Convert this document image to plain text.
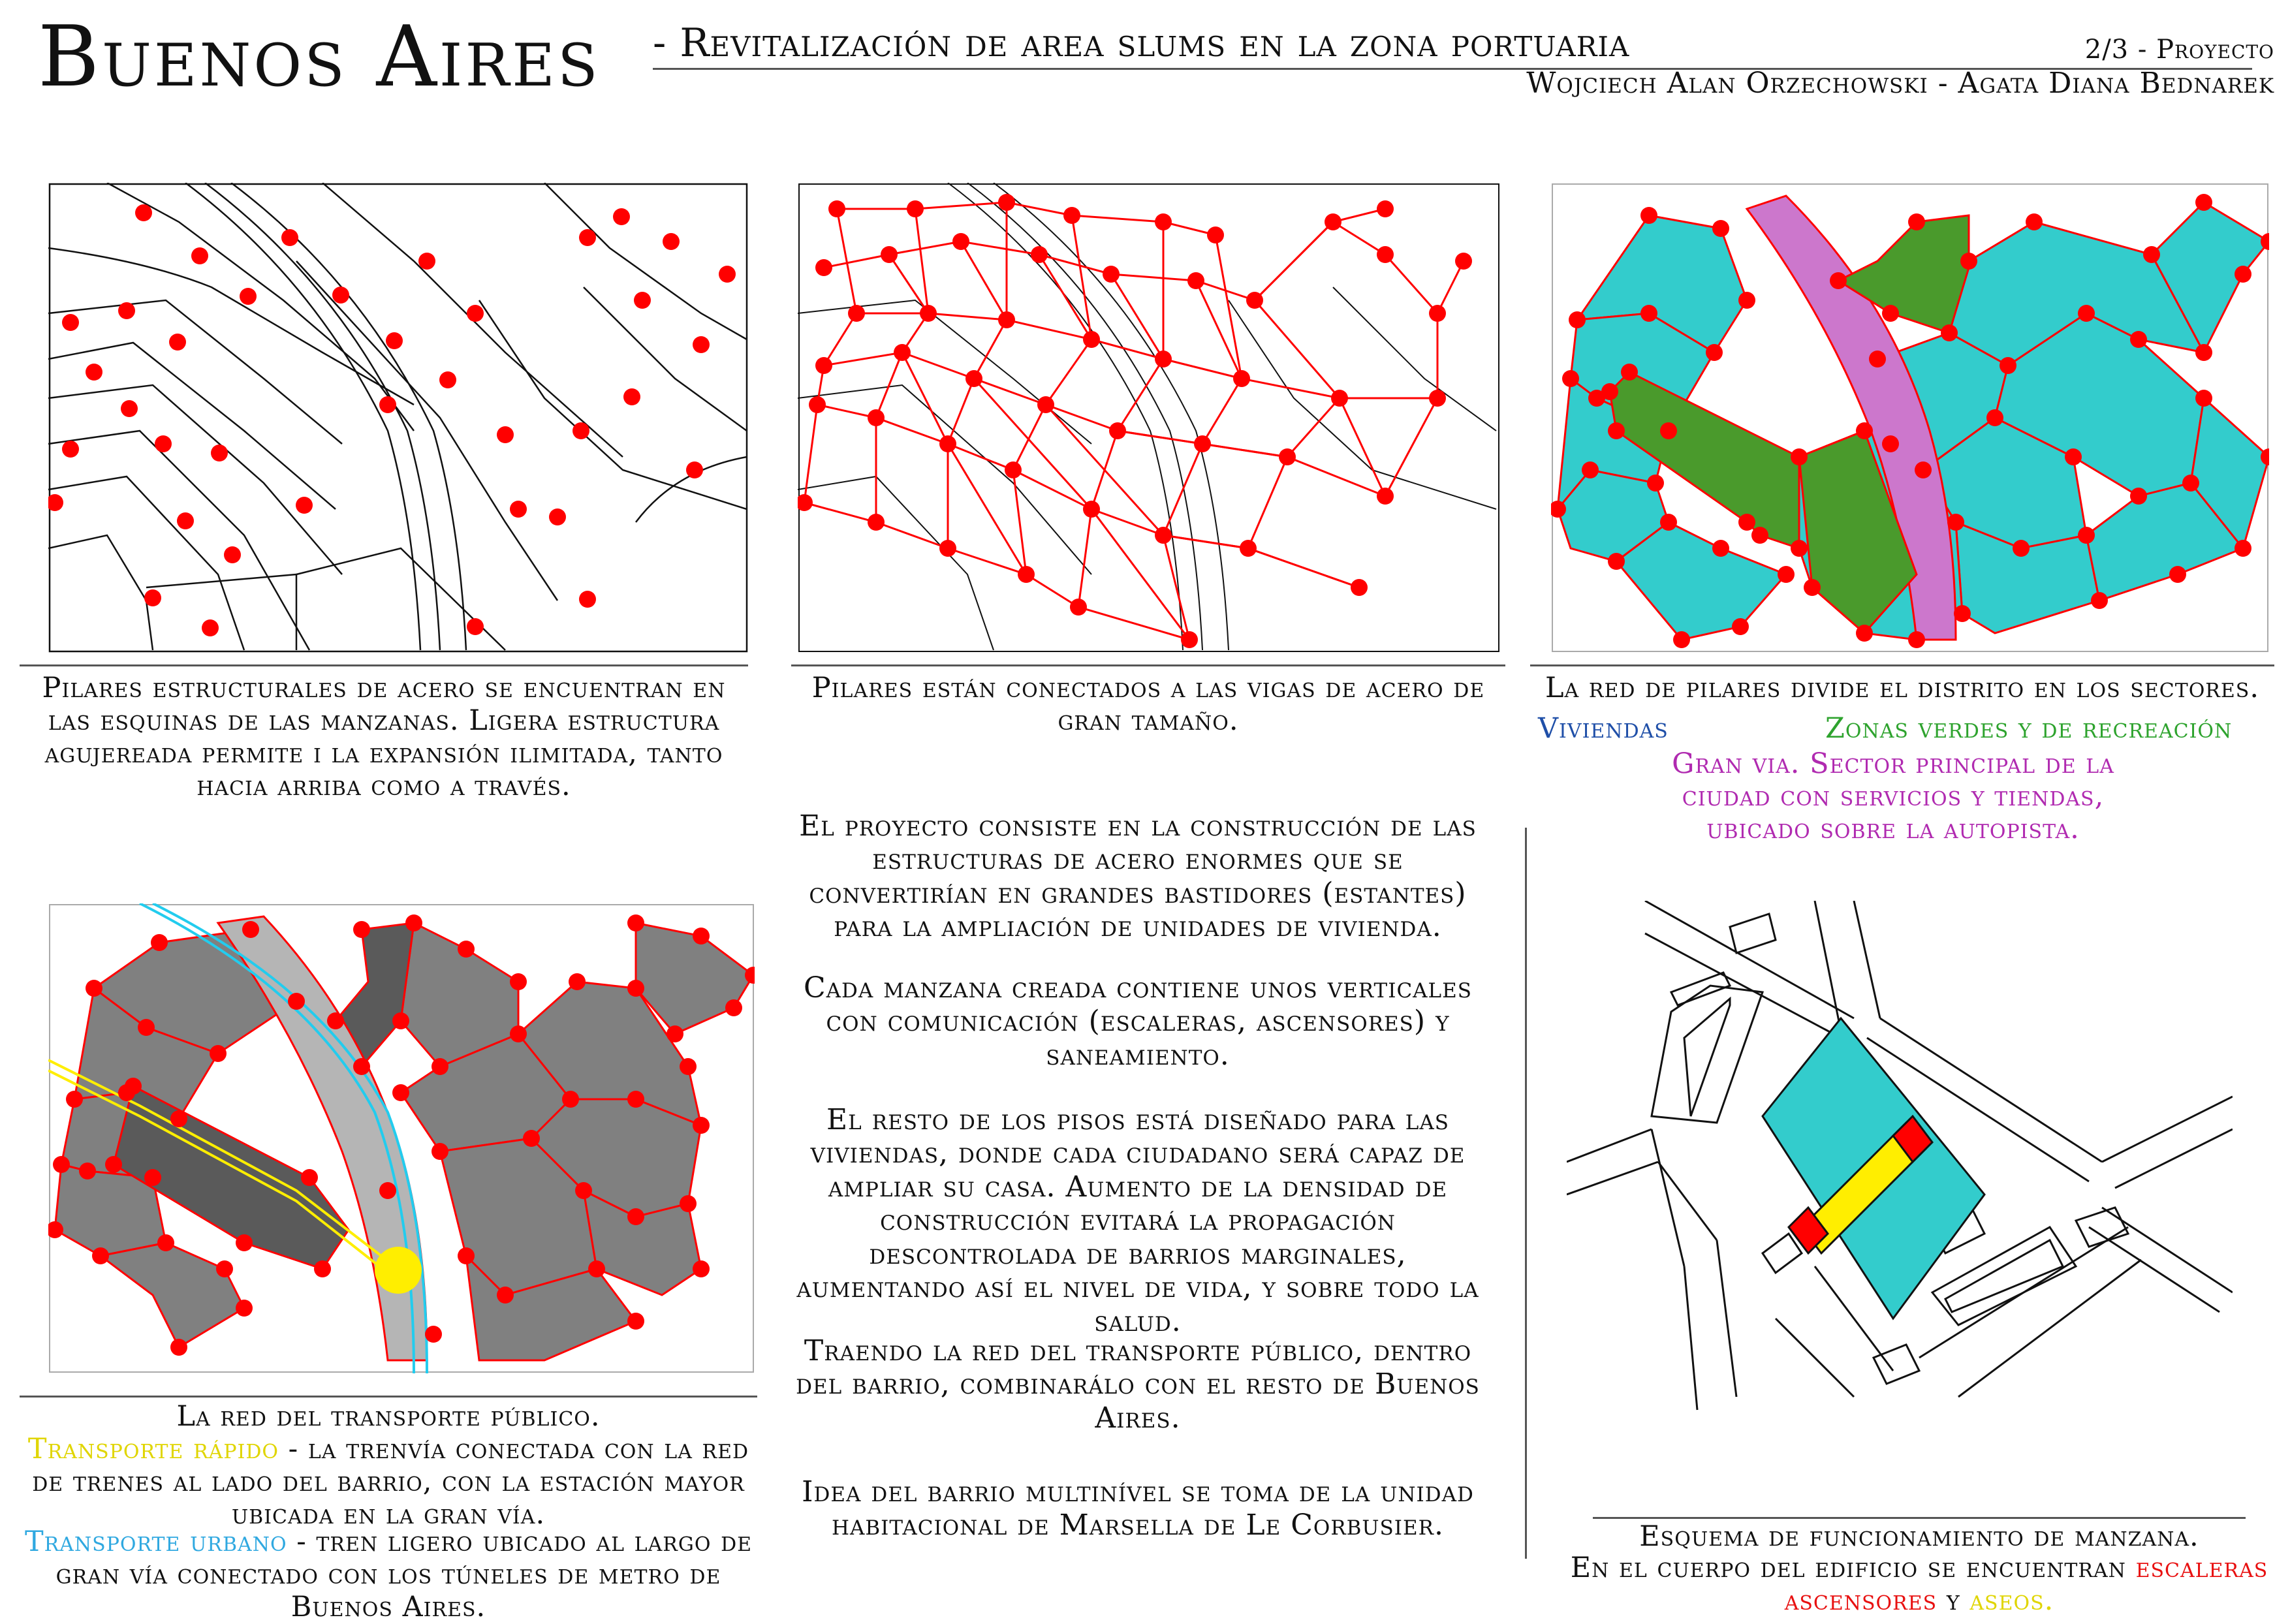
Buenos Aires - Revitalización de area slums en la zona portuaria	2/3 - Proyecto
Wojciech Alan Orzechowski - Agata Diana Bednarek
Pilares estructurales de acero se encuentran en las esquinas de las manzanas. Ligera estructura agujereada permite i la expansión ilimitada, tanto hacia arriba como a través.
Pilares están conectados a las vigas de acero de gran tamaño.
La red de pilares divide el distrito en los sectores.
Viviendas	Zonas verdes y de recreación
Gran via. Sector principal de la ciudad con servicios y tiendas, ubicado sobre la autopista.
La red del transporte público.
Transporte rápido - la trenvía conectada con la red de trenes al lado del barrio, con la estación mayor ubicada en la gran vía.
Transporte urbano - tren ligero ubicado al largo de gran vía conectado con los túneles de metro de Buenos Aires.
El proyecto consiste en la construcción de las estructuras de acero enormes que se convertirían en grandes bastidores (estantes) para la ampliación de unidades de vivienda.
Cada manzana creada contiene unos verticales con comunicación (escaleras, ascensores) y saneamiento.
El resto de los pisos está diseñado para las viviendas, donde cada ciudadano será capaz de ampliar su casa. Aumento de la densidad de construcción evitará la propagación descontrolada de barrios marginales, aumentando así el nivel de vida, y sobre todo la salud.
Traendo la red del transporte público, dentro del barrio, combinarálo con el resto de Buenos Aires.
Idea del barrio multinível se toma de la unidad habitacional de Marsella de Le Corbusier.	Esquema de funcionamiento de manzana.
En el cuerpo del edificio se encuentran escaleras
ascensores y aseos.
